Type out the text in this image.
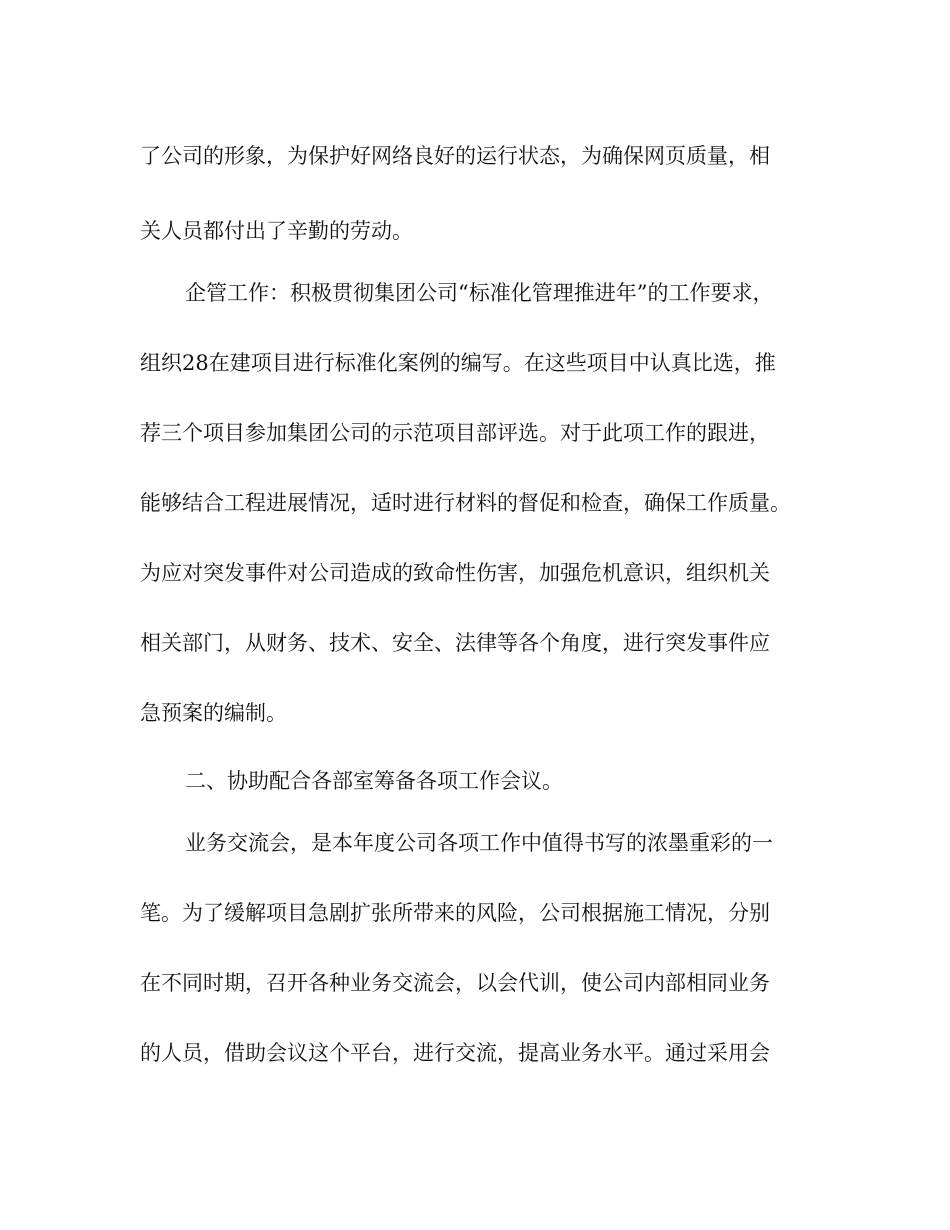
了公司的形象，为保护好网络良好的运行状态，为确保网页质量，相
关人员都付出了辛勤的劳动。
企管工作：积极贯彻集团公司“标准化管理推进年”的工作要求，
组织28在建项目进行标准化案例的编写。在这些项目中认真比选，推
荐三个项目参加集团公司的示范项目部评选。对于此项工作的跟进，
能够结合工程进展情况，适时进行材料的督促和检查，确保工作质量。
为应对突发事件对公司造成的致命性伤害，加强危机意识，组织机关
相关部门，从财务、技术、安全、法律等各个角度，进行突发事件应
急预案的编制。
二、协助配合各部室筹备各项工作会议。
业务交流会，是本年度公司各项工作中值得书写的浓墨重彩的一
笔。为了缓解项目急剧扩张所带来的风险，公司根据施工情况，分别
在不同时期，召开各种业务交流会，以会代训，使公司内部相同业务
的人员，借助会议这个平台，进行交流，提高业务水平。通过采用会
